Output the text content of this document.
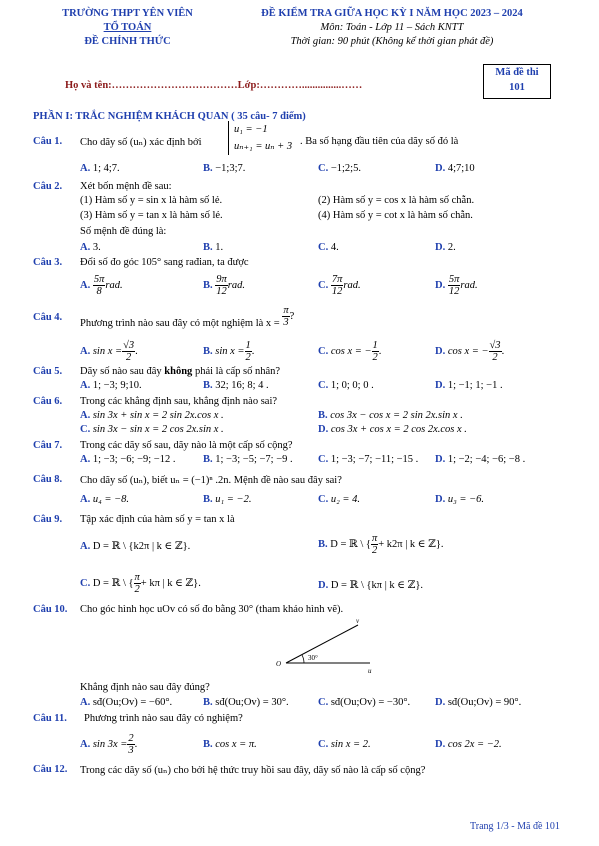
TRƯỜNG THPT YÊN VIÊN
TỔ TOÁN
ĐỀ CHÍNH THỨC
ĐỀ KIỂM TRA GIỮA HỌC KỲ I NĂM HỌC 2023 – 2024
Môn: Toán - Lớp 11 – Sách KNTT
Thời gian: 90 phút (Không kể thời gian phát đề)
Mã đề thi
101
Họ và tên:………………………………Lớp:…………...............……
PHẦN I: TRẮC NGHIỆM KHÁCH QUAN ( 35 câu- 7 điểm)
Câu 1. Cho dãy số (uₙ) xác định bởi
u₁ = −1
uₙ₊₁ = uₙ + 3 . Ba số hạng đầu tiên của dãy số đó là
A. 1; 4;7.	B. −1;3;7.	C. −1;2;5.	D. 4;7;10
Câu 2. Xét bốn mệnh đề sau:
(1) Hàm số y = sin x là hàm số lẻ.	(2) Hàm số y = cos x là hàm số chẵn.
(3) Hàm số y = tan x là hàm số lẻ.	(4) Hàm số y = cot x là hàm số chẵn.
Số mệnh đề đúng là:
A. 3.	B. 1.	C. 4.	D. 2.
Câu 3. Đổi số đo góc 105° sang rađian, ta được
A. $\frac{5\pi}{8}$ rad.	B. $\frac{9\pi}{12}$ rad.	C. $\frac{7\pi}{12}$ rad.	D. $\frac{5\pi}{12}$ rad.
Câu 4.
Phương trình nào sau đây có một nghiệm là $x = \frac{\pi}{3}$ ?
A. $\sin x = \frac{√3}{2}$ .	B. $\sin x = \frac{1}{2}$ .	C. cos x = − $\frac{1}{2}$ .	D. cos x = − $\frac{√3}{2}$ .
Câu 5. Dãy số nào sau đây không phải là cấp số nhân?
A. 1; −3; 9;10.	B. 32; 16; 8; 4 .	C. 1; 0; 0; 0 .	D. 1; −1; 1; −1 .
Câu 6. Trong các khẳng định sau, khẳng định nào sai?
A. sin 3x + sin x = 2 sin 2x.cos x .	B. cos 3x − cos x = 2 sin 2x.sin x .
C. sin 3x − sin x = 2 cos 2x.sin x .	D. cos 3x + cos x = 2 cos 2x.cos x .
Câu 7. Trong các dãy số sau, dãy nào là một cấp số cộng?
A. 1; −3; −6; −9; −12 .	B. 1; −3; −5; −7; −9 . C. 1; −3; −7; −11; −15 . D. 1; −2; −4; −6; −8 .
Câu 8. Cho dãy số (uₙ), biết uₙ = (−1)ⁿ .2n. Mệnh đề nào sau đây sai?
A. u₄ = −8.	B. u₁ = −2.	C. u₂ = 4.	D. u₃ = −6.
Câu 9. Tập xác định của hàm số y = tan x là
A. D = ℝ \ {k2π | k ∈ ℤ}.	B. D = ℝ \ { $\frac{\pi}{2} + k2\pi$ | k ∈ ℤ}.
C. D = ℝ \ { $\frac{\pi}{2} + k\pi$ | k ∈ ℤ}.	D. D = ℝ \ {kπ | k ∈ ℤ}.
Câu 10. Cho góc hình học uOv có số đo bằng 30° (tham khảo hình vẽ).
O
u
v
30°
Khẳng định nào sau đây đúng?
A. sđ(Ou;Ov) = −60°.	B. sđ(Ou;Ov) = 30°.	C. sđ(Ou;Ov) = −30°. D. sđ(Ou;Ov) = 90°.
Câu 11. Phương trình nào sau đây có nghiệm?
A. $\sin 3x = \frac{2}{3}$ .	B. cos x = π.	C. sin x = 2.	D. cos 2x = −2.
Câu 12. Trong các dãy số (uₙ) cho bởi hệ thức truy hồi sau đây, dãy số nào là cấp số cộng?
Trang 1/3 - Mã đề 101
